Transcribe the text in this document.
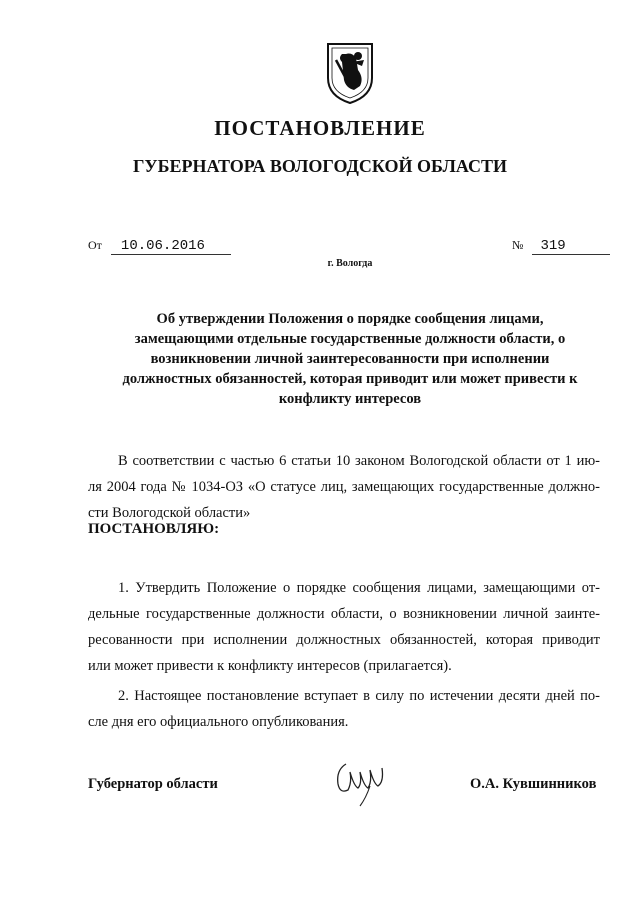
ПОСТАНОВЛЕНИЕ
ГУБЕРНАТОРА ВОЛОГОДСКОЙ ОБЛАСТИ
От 10.06.2016	№ 319
г. Вологда
Об утверждении Положения о порядке сообщения лицами, замещающими отдельные государственные должности области, о возникновении личной заинтересованности при исполнении должностных обязанностей, которая приводит или может привести к конфликту интересов
В соответствии с частью 6 статьи 10 законом Вологодской области от 1 ию-
ля 2004 года № 1034-ОЗ «О статусе лиц, замещающих государственные должно-
сти Вологодской области»
ПОСТАНОВЛЯЮ:
1. Утвердить Положение о порядке сообщения лицами, замещающими от-
дельные государственные должности области, о возникновении личной заинте-
ресованности при исполнении должностных обязанностей, которая приводит
или может привести к конфликту интересов (прилагается).
2. Настоящее постановление вступает в силу по истечении десяти дней по-
сле дня его официального опубликования.
Губернатор области	О.А. Кувшинников
